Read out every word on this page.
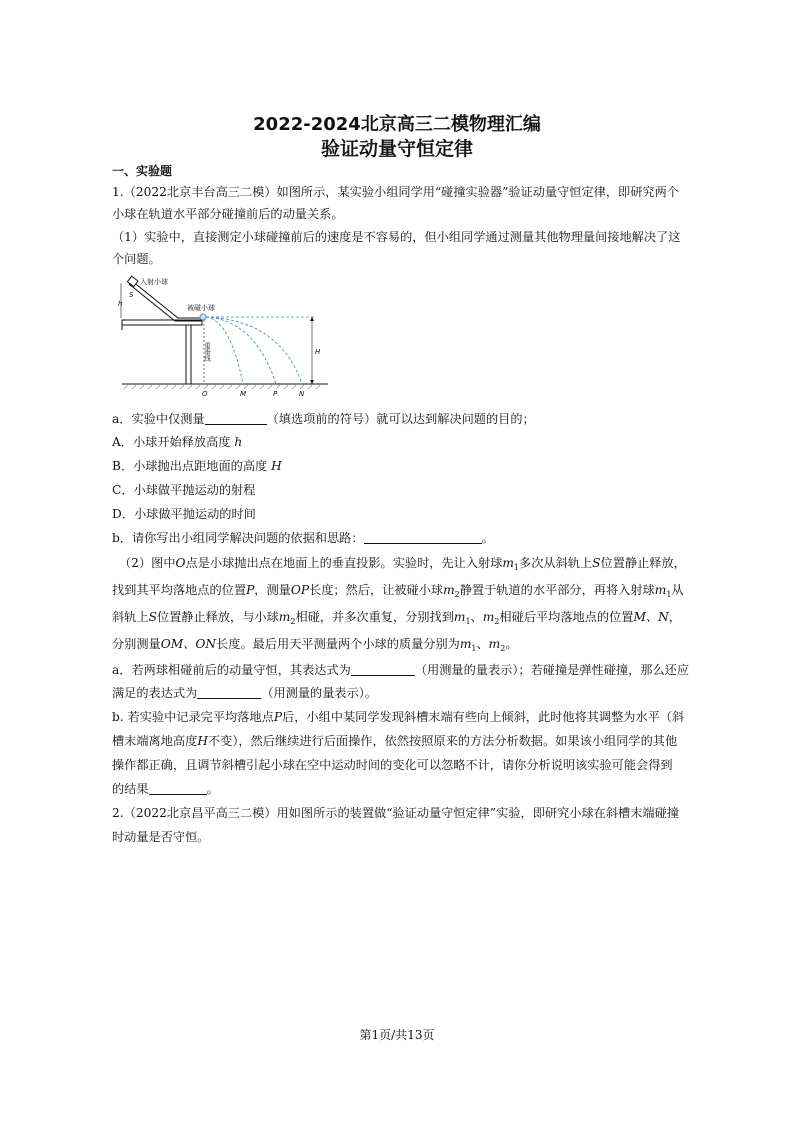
2022-2024北京高三二模物理汇编
验证动量守恒定律
一、实验题
1.（2022北京丰台高三二模）如图所示，某实验小组同学用“碰撞实验器”验证动量守恒定律，即研究两个
小球在轨道水平部分碰撞前后的动量关系。
（1）实验中，直接测定小球碰撞前后的速度是不容易的，但小组同学通过测量其他物理量间接地解决了这
个问题。
入射小球
被碰小球
S
h
H
重垂线
O	M	P	N
a．实验中仅测量	（填选项前的符号）就可以达到解决问题的目的；
A．小球开始释放高度 h
B．小球抛出点距地面的高度 H
C．小球做平抛运动的射程
D．小球做平抛运动的时间
b．请你写出小组同学解决问题的依据和思路：	。
（2）图中O点是小球抛出点在地面上的垂直投影。实验时，先让入射球$m_1$多次从斜轨上S位置静止释放，
找到其平均落地点的位置P，测量OP长度；然后，让被碰小球$m_2$静置于轨道的水平部分，再将入射球$m_1$从
斜轨上S位置静止释放，与小球$m_2$相碰，并多次重复，分别找到$m_1$、$m_2$相碰后平均落地点的位置M、N，
分别测量OM、ON长度。最后用天平测量两个小球的质量分别为$m_1$、$m_2$。
a．若两球相碰前后的动量守恒，其表达式为	（用测量的量表示）；若碰撞是弹性碰撞，那么还应
满足的表达式为	（用测量的量表示）。
b. 若实验中记录完平均落地点P后，小组中某同学发现斜槽末端有些向上倾斜，此时他将其调整为水平（斜
槽末端离地高度H不变），然后继续进行后面操作，依然按照原来的方法分析数据。如果该小组同学的其他
操作都正确，且调节斜槽引起小球在空中运动时间的变化可以忽略不计，请你分析说明该实验可能会得到
的结果	。
2.（2022北京昌平高三二模）用如图所示的装置做“验证动量守恒定律”实验，即研究小球在斜槽末端碰撞
时动量是否守恒。
第1页/共13页
